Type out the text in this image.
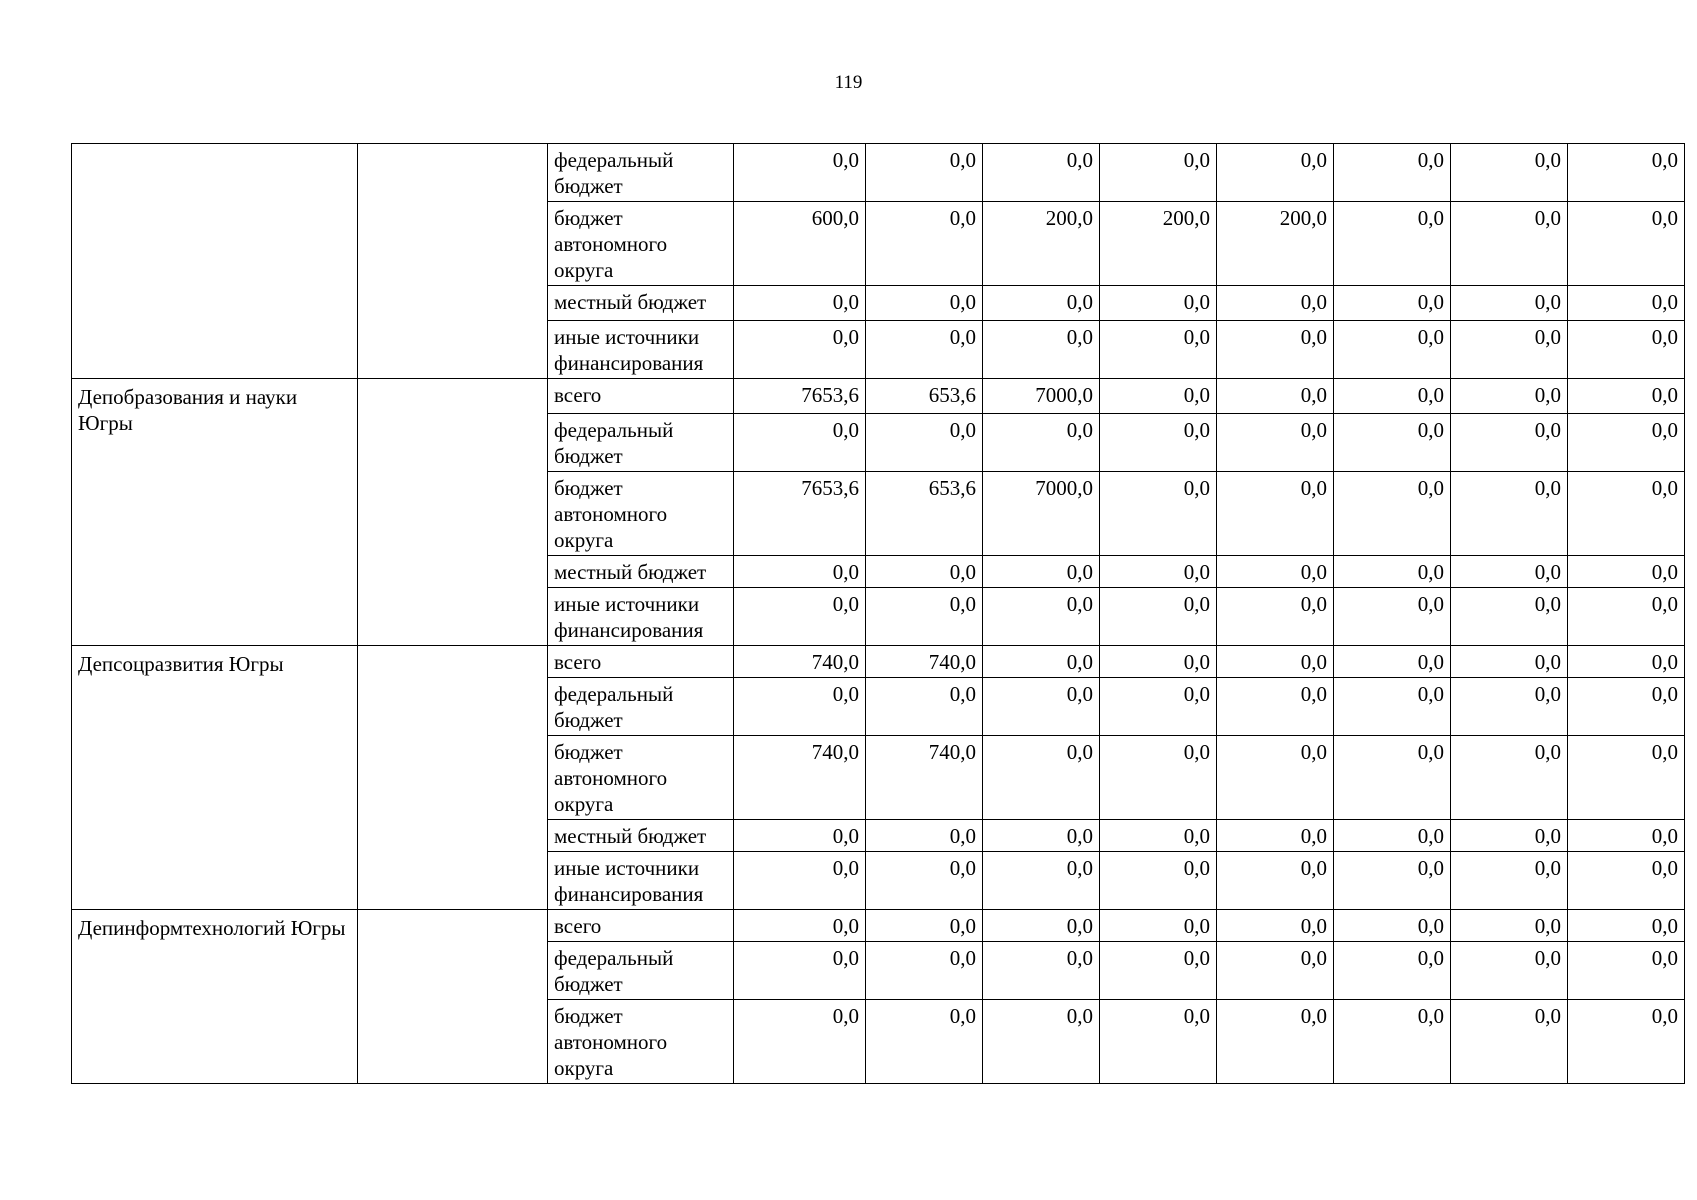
119
		федеральный бюджет	0,0	0,0	0,0	0,0	0,0	0,0	0,0	0,0
		бюджет автономного округа	600,0	0,0	200,0	200,0	200,0	0,0	0,0	0,0
		местный бюджет	0,0	0,0	0,0	0,0	0,0	0,0	0,0	0,0
		иные источники финансирования	0,0	0,0	0,0	0,0	0,0	0,0	0,0	0,0
Депобразования и науки Югры		всего	7653,6	653,6	7000,0	0,0	0,0	0,0	0,0	0,0
		федеральный бюджет	0,0	0,0	0,0	0,0	0,0	0,0	0,0	0,0
		бюджет автономного округа	7653,6	653,6	7000,0	0,0	0,0	0,0	0,0	0,0
		местный бюджет	0,0	0,0	0,0	0,0	0,0	0,0	0,0	0,0
		иные источники финансирования	0,0	0,0	0,0	0,0	0,0	0,0	0,0	0,0
Депсоцразвития Югры		всего	740,0	740,0	0,0	0,0	0,0	0,0	0,0	0,0
		федеральный бюджет	0,0	0,0	0,0	0,0	0,0	0,0	0,0	0,0
		бюджет автономного округа	740,0	740,0	0,0	0,0	0,0	0,0	0,0	0,0
		местный бюджет	0,0	0,0	0,0	0,0	0,0	0,0	0,0	0,0
		иные источники финансирования	0,0	0,0	0,0	0,0	0,0	0,0	0,0	0,0
Депинформтехнологий Югры		всего	0,0	0,0	0,0	0,0	0,0	0,0	0,0	0,0
		федеральный бюджет	0,0	0,0	0,0	0,0	0,0	0,0	0,0	0,0
		бюджет автономного округа	0,0	0,0	0,0	0,0	0,0	0,0	0,0	0,0
